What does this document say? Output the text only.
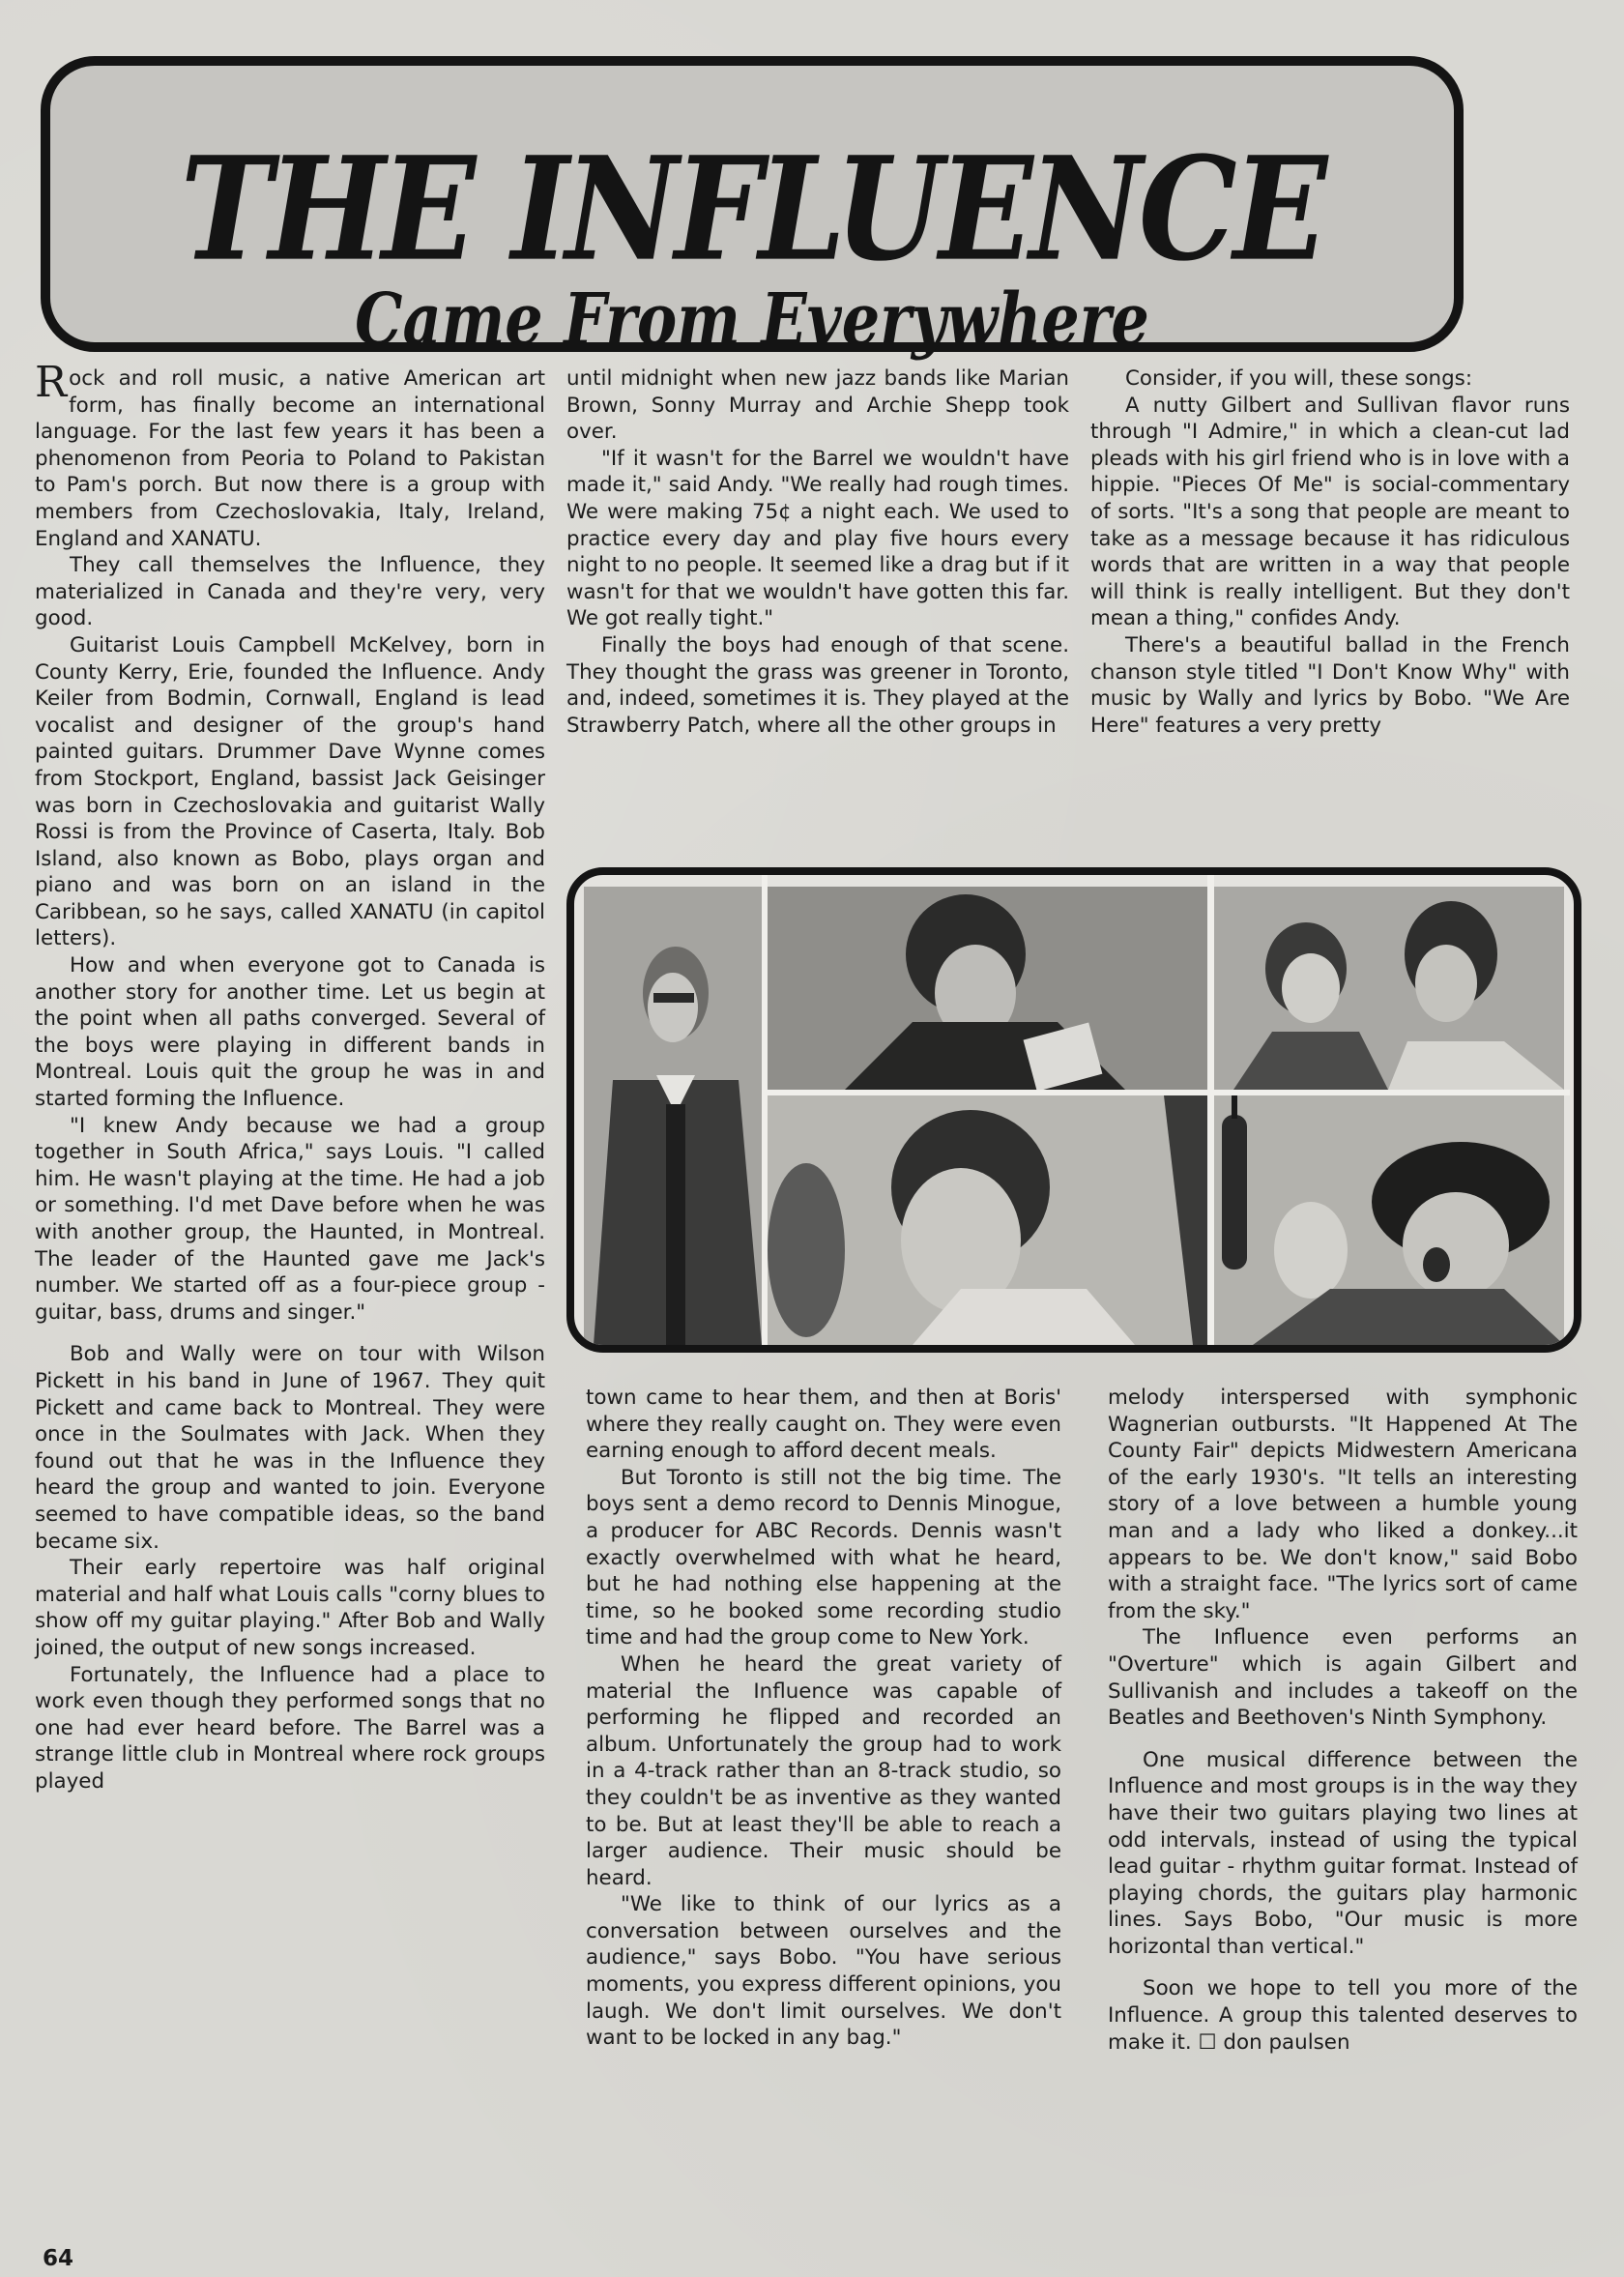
THE INFLUENCE
Came From Everywhere

Rock and roll music, a native American art form, has finally become an international language. For the last few years it has been a phenomenon from Peoria to Poland to Pakistan to Pam's porch. But now there is a group with members from Czechoslovakia, Italy, Ireland, England and XANATU.

They call themselves the Influence, they materialized in Canada and they're very, very good.

Guitarist Louis Campbell McKelvey, born in County Kerry, Erie, founded the Influence. Andy Keiler from Bodmin, Cornwall, England is lead vocalist and designer of the group's hand painted guitars. Drummer Dave Wynne comes from Stockport, England, bassist Jack Geisinger was born in Czechoslovakia and guitarist Wally Rossi is from the Province of Caserta, Italy. Bob Island, also known as Bobo, plays organ and piano and was born on an island in the Caribbean, so he says, called XANATU (in capitol letters).

How and when everyone got to Canada is another story for another time. Let us begin at the point when all paths converged. Several of the boys were playing in different bands in Montreal. Louis quit the group he was in and started forming the Influence.

"I knew Andy because we had a group together in South Africa," says Louis. "I called him. He wasn't playing at the time. He had a job or something. I'd met Dave before when he was with another group, the Haunted, in Montreal. The leader of the Haunted gave me Jack's number. We started off as a four-piece group - guitar, bass, drums and singer."

Bob and Wally were on tour with Wilson Pickett in his band in June of 1967. They quit Pickett and came back to Montreal. They were once in the Soulmates with Jack. When they found out that he was in the Influence they heard the group and wanted to join. Everyone seemed to have compatible ideas, so the band became six.

Their early repertoire was half original material and half what Louis calls "corny blues to show off my guitar playing." After Bob and Wally joined, the output of new songs increased.

Fortunately, the Influence had a place to work even though they performed songs that no one had ever heard before. The Barrel was a strange little club in Montreal where rock groups played

until midnight when new jazz bands like Marian Brown, Sonny Murray and Archie Shepp took over.

"If it wasn't for the Barrel we wouldn't have made it," said Andy. "We really had rough times. We were making 75¢ a night each. We used to practice every day and play five hours every night to no people. It seemed like a drag but if it wasn't for that we wouldn't have gotten this far. We got really tight."

Finally the boys had enough of that scene. They thought the grass was greener in Toronto, and, indeed, sometimes it is. They played at the Strawberry Patch, where all the other groups in

Consider, if you will, these songs:

A nutty Gilbert and Sullivan flavor runs through "I Admire," in which a clean-cut lad pleads with his girl friend who is in love with a hippie. "Pieces Of Me" is social-commentary of sorts. "It's a song that people are meant to take as a message because it has ridiculous words that are written in a way that people will think is really intelligent. But they don't mean a thing," confides Andy.

There's a beautiful ballad in the French chanson style titled "I Don't Know Why" with music by Wally and lyrics by Bobo. "We Are Here" features a very pretty

town came to hear them, and then at Boris' where they really caught on. They were even earning enough to afford decent meals.

But Toronto is still not the big time. The boys sent a demo record to Dennis Minogue, a producer for ABC Records. Dennis wasn't exactly overwhelmed with what he heard, but he had nothing else happening at the time, so he booked some recording studio time and had the group come to New York.

When he heard the great variety of material the Influence was capable of performing he flipped and recorded an album. Unfortunately the group had to work in a 4-track rather than an 8-track studio, so they couldn't be as inventive as they wanted to be. But at least they'll be able to reach a larger audience. Their music should be heard.

"We like to think of our lyrics as a conversation between ourselves and the audience," says Bobo. "You have serious moments, you express different opinions, you laugh. We don't limit ourselves. We don't want to be locked in any bag."

melody interspersed with symphonic Wagnerian outbursts. "It Happened At The County Fair" depicts Midwestern Americana of the early 1930's. "It tells an interesting story of a love between a humble young man and a lady who liked a donkey...it appears to be. We don't know," said Bobo with a straight face. "The lyrics sort of came from the sky."

The Influence even performs an "Overture" which is again Gilbert and Sullivanish and includes a takeoff on the Beatles and Beethoven's Ninth Symphony.

One musical difference between the Influence and most groups is in the way they have their two guitars playing two lines at odd intervals, instead of using the typical lead guitar - rhythm guitar format. Instead of playing chords, the guitars play harmonic lines. Says Bobo, "Our music is more horizontal than vertical."

Soon we hope to tell you more of the Influence. A group this talented deserves to make it. ☐ don paulsen

64
